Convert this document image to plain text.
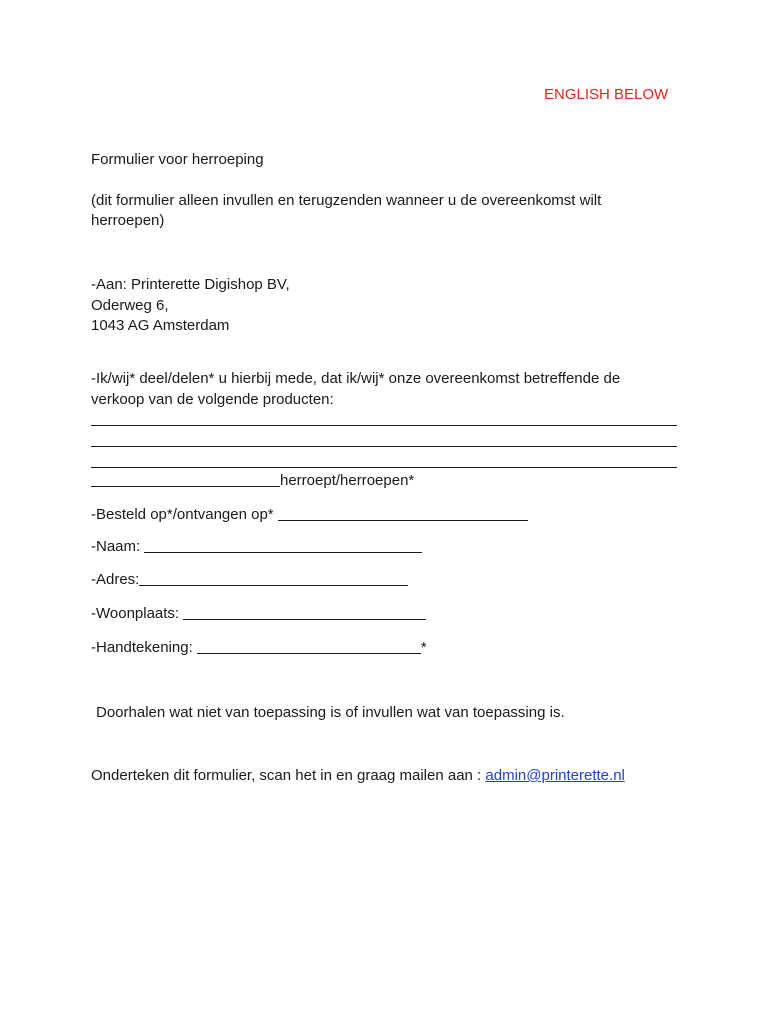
ENGLISH BELOW
Formulier voor herroeping
(dit formulier alleen invullen en terugzenden wanneer u de overeenkomst wilt
herroepen)
-Aan: Printerette Digishop BV,
Oderweg 6,
1043 AG Amsterdam
-Ik/wij* deel/delen* u hierbij mede, dat ik/wij* onze overeenkomst betreffende de
verkoop van de volgende producten:
herroept/herroepen*
-Besteld op*/ontvangen op*
-Naam:
-Adres:
-Woonplaats:
-Handtekening:	*
Doorhalen wat niet van toepassing is of invullen wat van toepassing is.
Onderteken dit formulier, scan het in en graag mailen aan : admin@printerette.nl
